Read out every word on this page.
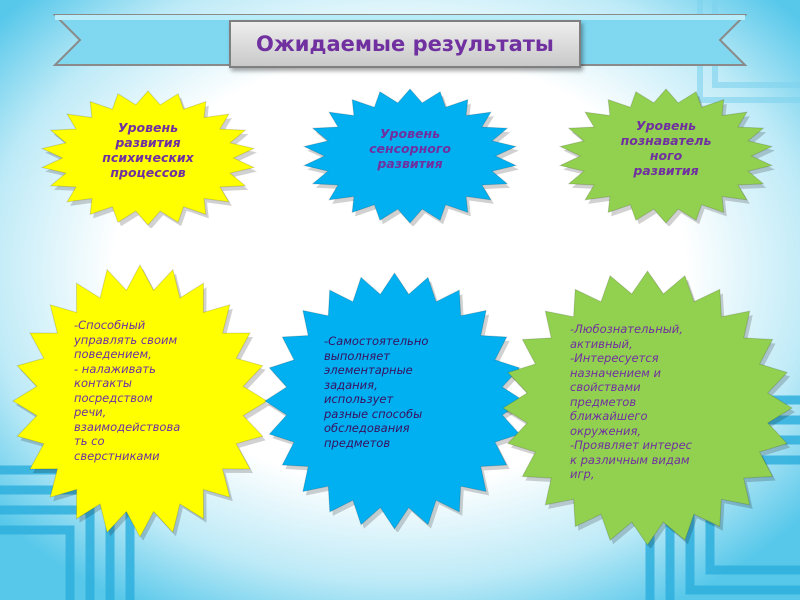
Ожидаемые результаты
Уровень
развития
психических
процессов
Уровень
сенсорного
развития
Уровень
познаватель
ного
развития
-Способный
управлять своим
поведением,
- налаживать
контакты
посредством
речи,
взаимодействова
ть со
сверстниками
-Самостоятельно
выполняет
элементарные
задания,
использует
разные способы
обследования
предметов
-Любознательный,
активный,
-Интересуется
назначением и
свойствами
предметов
ближайшего
окружения,
-Проявляет интерес
к различным видам
игр,
